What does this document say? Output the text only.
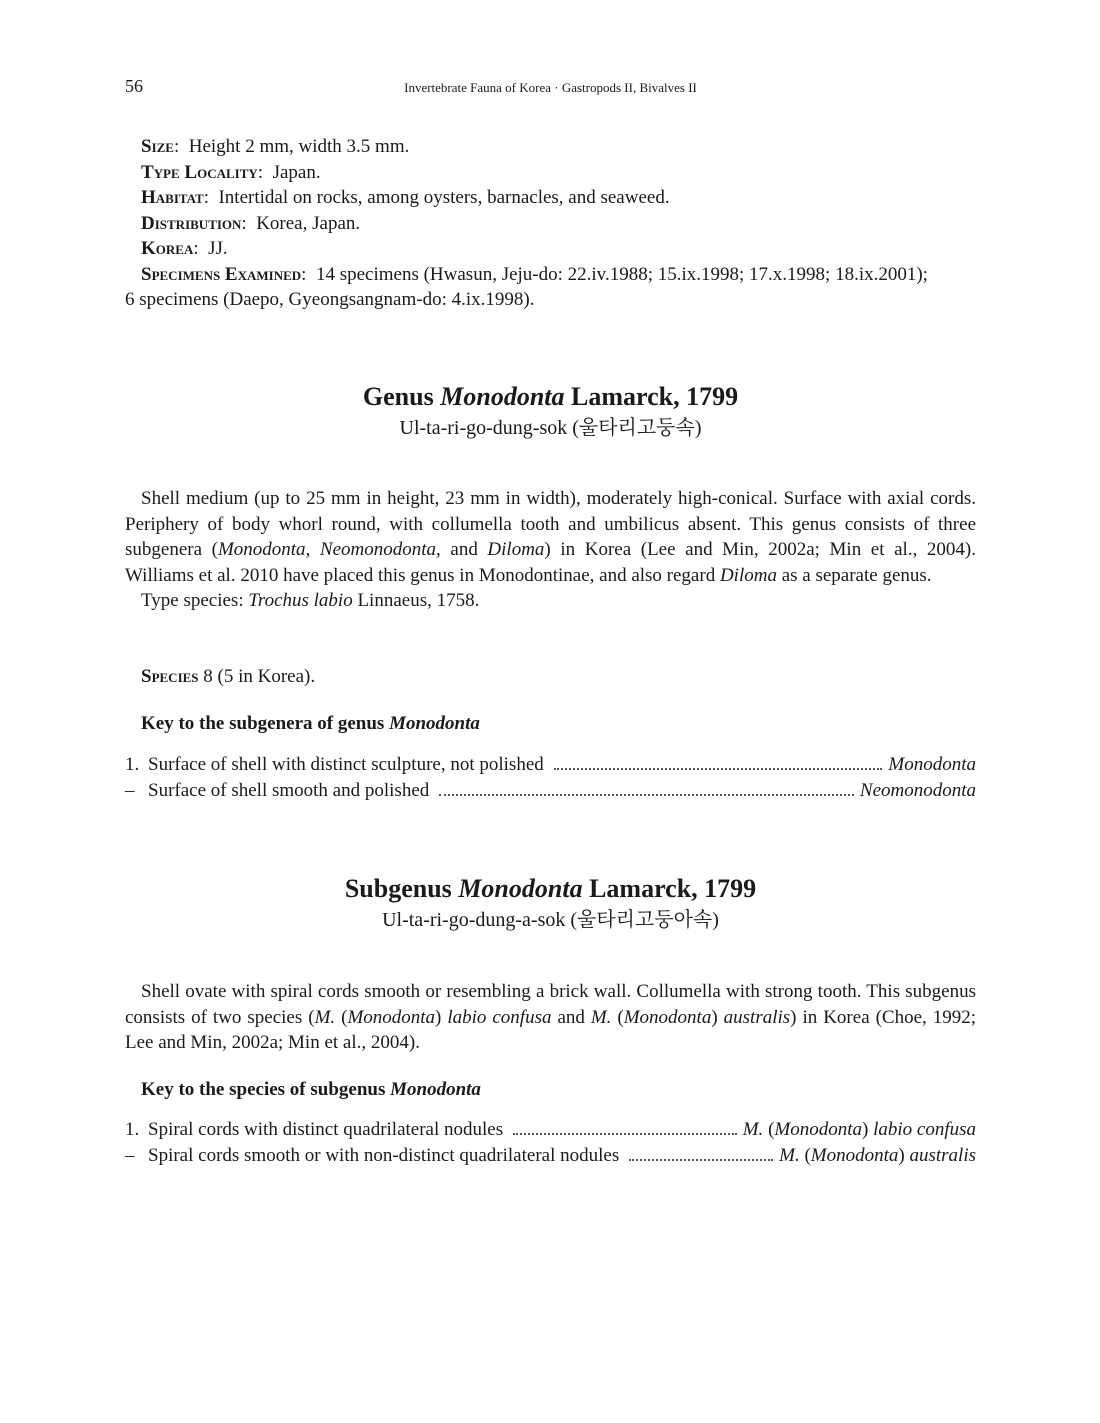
56	Invertebrate Fauna of Korea · Gastropods II, Bivalves II
Size:  Height 2 mm, width 3.5 mm.
Type Locality:  Japan.
Habitat:  Intertidal on rocks, among oysters, barnacles, and seaweed.
Distribution:  Korea, Japan.
Korea:  JJ.
Specimens Examined:  14 specimens (Hwasun, Jeju-do: 22.iv.1988; 15.ix.1998; 17.x.1998; 18.ix.2001);
6 specimens (Daepo, Gyeongsangnam-do: 4.ix.1998).
Genus Monodonta Lamarck, 1799
Ul-ta-ri-go-dung-sok (울타리고둥속)

Shell medium (up to 25 mm in height, 23 mm in width), moderately high-conical. Surface with axial cords. Periphery of body whorl round, with collumella tooth and umbilicus absent. This genus consists of three subgenera (Monodonta, Neomonodonta, and Diloma) in Korea (Lee and Min, 2002a; Min et al., 2004). Williams et al. 2010 have placed this genus in Monodontinae, and also regard Diloma as a separate genus.

Type species: Trochus labio Linnaeus, 1758.
Species 8 (5 in Korea).
Key to the subgenera of genus Monodonta
1. Surface of shell with distinct sculpture, not polished	Monodonta
– Surface of shell smooth and polished	Neomonodonta
Subgenus Monodonta Lamarck, 1799
Ul-ta-ri-go-dung-a-sok (울타리고둥아속)

Shell ovate with spiral cords smooth or resembling a brick wall. Collumella with strong tooth. This subgenus consists of two species (M. (Monodonta) labio confusa and M. (Monodonta) australis) in Korea (Choe, 1992; Lee and Min, 2002a; Min et al., 2004).

Key to the species of subgenus Monodonta
1. Spiral cords with distinct quadrilateral nodules	M. (Monodonta) labio confusa
– Spiral cords smooth or with non-distinct quadrilateral nodules	M. (Monodonta) australis
